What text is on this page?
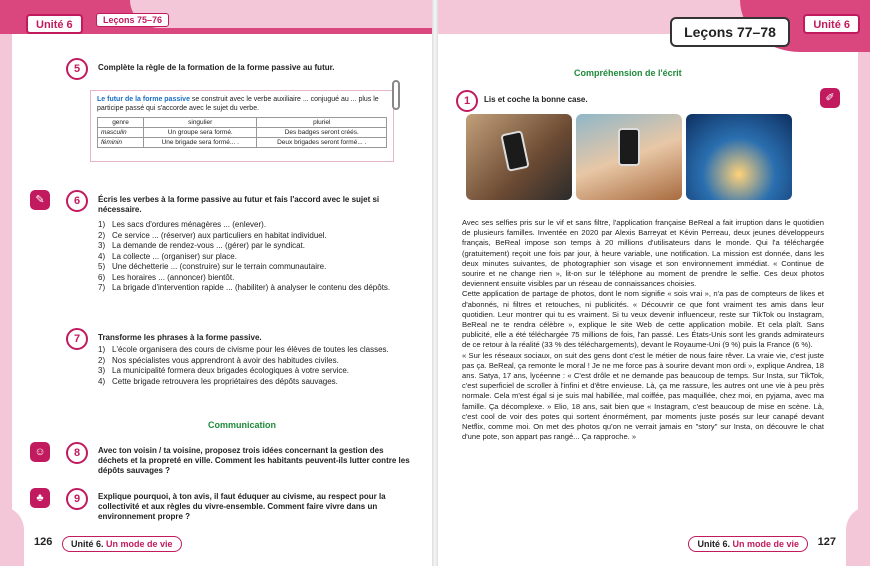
Unité 6	Leçons 75–76
5	Complète la règle de la formation de la forme passive au futur.
Le futur de la forme passive se construit avec le verbe auxiliaire ... conjugué au ... plus le participe passé qui s'accorde avec le sujet du verbe.
genre	singulier	pluriel
masculin	Un groupe sera formé.	Des badges seront créés.
féminin	Une brigade sera formé... .	Deux brigades seront formé... .
✎	6	Écris les verbes à la forme passive au futur et fais l'accord avec le sujet si nécessaire.
1) Les sacs d'ordures ménagères ... (enlever).
2) Ce service ... (réserver) aux particuliers en habitat individuel.
3) La demande de rendez-vous ... (gérer) par le syndicat.
4) La collecte ... (organiser) sur place.
5) Une déchetterie ... (construire) sur le terrain communautaire.
6) Les horaires ... (annoncer) bientôt.
7) La brigade d'intervention rapide ... (habiliter) à analyser le contenu des dépôts.
7	Transforme les phrases à la forme passive.
1) L'école organisera des cours de civisme pour les élèves de toutes les classes.
2) Nos spécialistes vous apprendront à avoir des habitudes civiles.
3) La municipalité formera deux brigades écologiques à votre service.
4) Cette brigade retrouvera les propriétaires des dépôts sauvages.
Communication
☺	8	Avec ton voisin / ta voisine, proposez trois idées concernant la gestion des déchets et la propreté en ville. Comment les habitants peuvent-ils lutter contre les dépôts sauvages ?
♣	9	Explique pourquoi, à ton avis, il faut éduquer au civisme, au respect pour la collectivité et aux règles du vivre-ensemble. Comment faire vivre dans un environnement propre ?
126	Unité 6. Un mode de vie
Leçons 77–78	Unité 6
Compréhension de l'écrit
1	Lis et coche la bonne case.	✐

Avec ses selfies pris sur le vif et sans filtre, l'application française BeReal a fait irruption dans le quotidien de plusieurs familles. Inventée en 2020 par Alexis Barreyat et Kévin Perreau, deux jeunes développeurs français, BeReal impose son temps à 20 millions d'utilisateurs dans le monde. Qui l'a téléchargée (gratuitement) reçoit une fois par jour, à heure variable, une notification. La mission est donnée, dans les deux minutes suivantes, de photographier son visage et son environnement immédiat. « Continue de sourire et ne change rien », lit-on sur le téléphone au moment de prendre le selfie. Ces deux photos deviennent ensuite visibles par un réseau de connaissances choisies.

Cette application de partage de photos, dont le nom signifie « sois vrai », n'a pas de compteurs de likes et d'abonnés, ni filtres et retouches, ni publicités. « Découvrir ce que font vraiment tes amis dans leur quotidien. Leur montrer qui tu es vraiment. Si tu veux devenir influenceur, reste sur TikTok ou Instagram, BeReal ne te rendra célèbre », explique le site Web de cette application mobile. Et cela plaît. Sans publicité, elle a été téléchargée 75 millions de fois, l'an passé. Les États-Unis sont les grands admirateurs de ce retour à la réalité (33 % des téléchargements), devant le Royaume-Uni (9 %) puis la France (6 %).

« Sur les réseaux sociaux, on suit des gens dont c'est le métier de nous faire rêver. La vraie vie, c'est juste pas ça. BeReal, ça remonte le moral ! Je ne me force pas à sourire devant mon ordi », explique Andrea, 18 ans. Satya, 17 ans, lycéenne : « C'est drôle et ne demande pas beaucoup de temps. Sur Insta, sur TikTok, c'est superficiel de scroller à l'infini et d'être envieuse. Là, ça me rassure, les autres ont une vie à peu près normale. Cela m'est égal si je suis mal habillée, mal coiffée, pas maquillée, chez moi, en pyjama, avec ma famille. Ça décomplexe. » Elio, 18 ans, sait bien que « Instagram, c'est beaucoup de mise en scène. Là, c'est cool de voir des potes qui sortent énormément, par moments juste posés sur leur canapé devant Netflix, comme moi. On met des photos qu'on ne verrait jamais en "story" sur Insta, on découvre le chat d'une pote, son appart pas rangé... Ça rapproche. »

Unité 6. Un mode de vie	127
